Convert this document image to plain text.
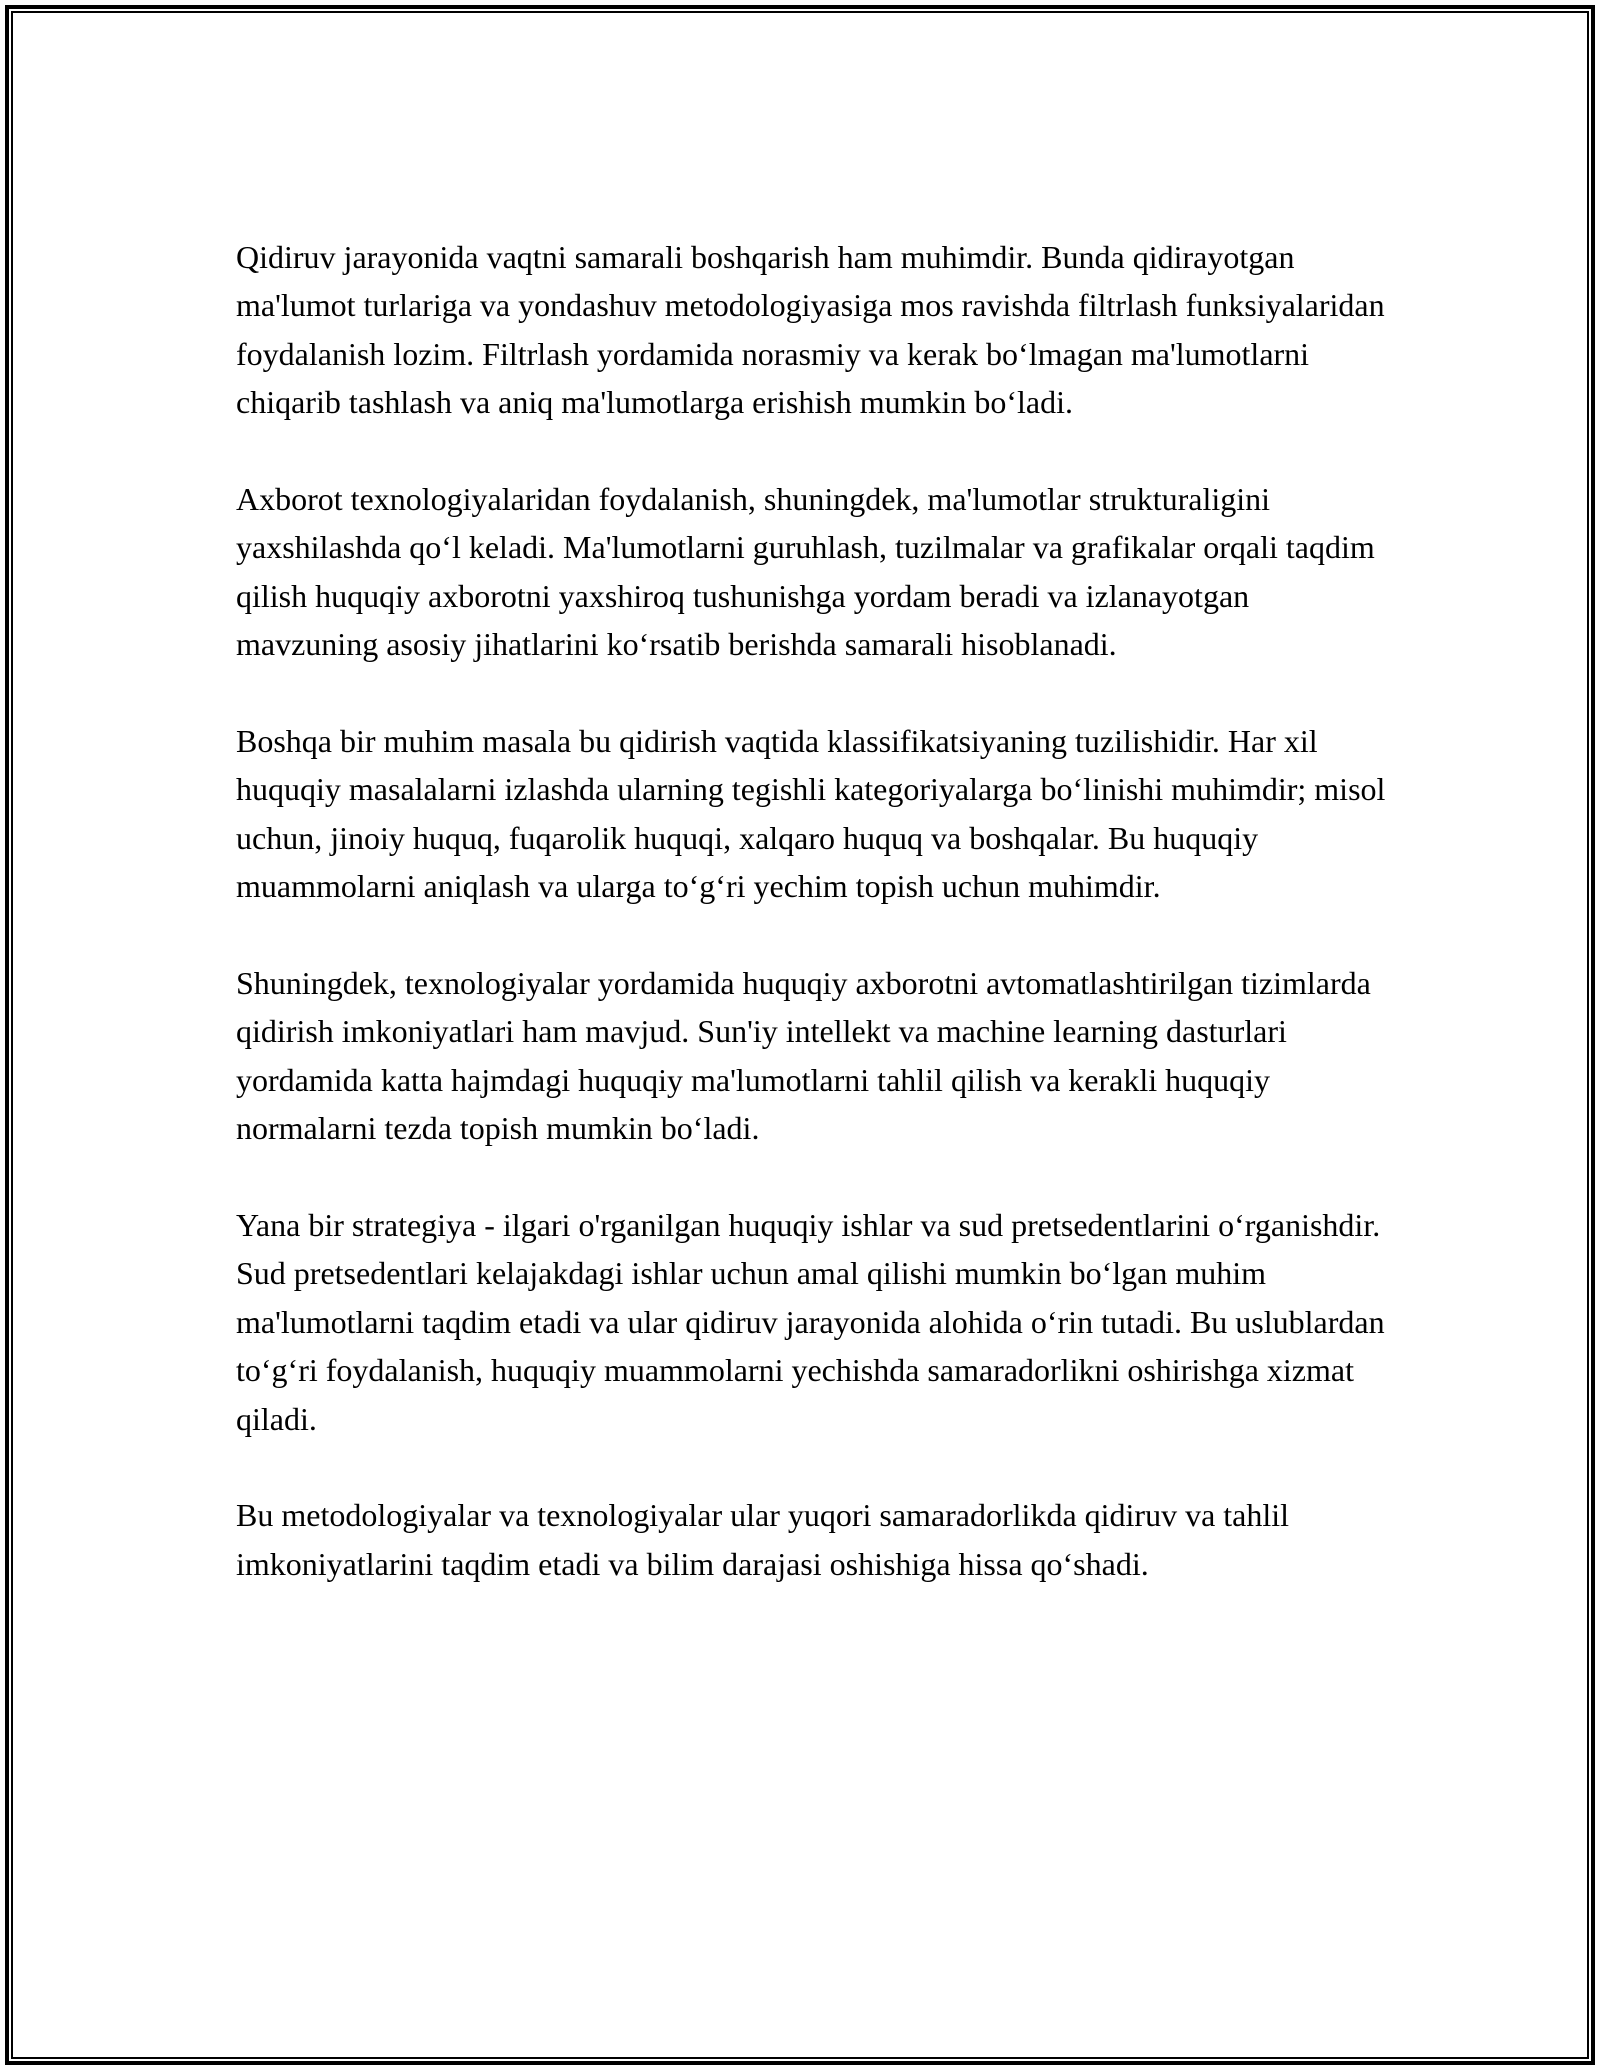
Qidiruv jarayonida vaqtni samarali boshqarish ham muhimdir. Bunda qidirayotgan ma'lumot turlariga va yondashuv metodologiyasiga mos ravishda filtrlash funksiyalaridan foydalanish lozim. Filtrlash yordamida norasmiy va kerak bo‘lmagan ma'lumotlarni chiqarib tashlash va aniq ma'lumotlarga erishish mumkin bo‘ladi.

Axborot texnologiyalaridan foydalanish, shuningdek, ma'lumotlar strukturaligini yaxshilashda qo‘l keladi. Ma'lumotlarni guruhlash, tuzilmalar va grafikalar orqali taqdim qilish huquqiy axborotni yaxshiroq tushunishga yordam beradi va izlanayotgan mavzuning asosiy jihatlarini ko‘rsatib berishda samarali hisoblanadi.

Boshqa bir muhim masala bu qidirish vaqtida klassifikatsiyaning tuzilishidir. Har xil huquqiy masalalarni izlashda ularning tegishli kategoriyalarga bo‘linishi muhimdir; misol uchun, jinoiy huquq, fuqarolik huquqi, xalqaro huquq va boshqalar. Bu huquqiy muammolarni aniqlash va ularga to‘g‘ri yechim topish uchun muhimdir.

Shuningdek, texnologiyalar yordamida huquqiy axborotni avtomatlashtirilgan tizimlarda qidirish imkoniyatlari ham mavjud. Sun'iy intellekt va machine learning dasturlari yordamida katta hajmdagi huquqiy ma'lumotlarni tahlil qilish va kerakli huquqiy normalarni tezda topish mumkin bo‘ladi.

Yana bir strategiya - ilgari o'rganilgan huquqiy ishlar va sud pretsedentlarini o‘rganishdir. Sud pretsedentlari kelajakdagi ishlar uchun amal qilishi mumkin bo‘lgan muhim ma'lumotlarni taqdim etadi va ular qidiruv jarayonida alohida o‘rin tutadi. Bu uslublardan to‘g‘ri foydalanish, huquqiy muammolarni yechishda samaradorlikni oshirishga xizmat qiladi.

Bu metodologiyalar va texnologiyalar ular yuqori samaradorlikda qidiruv va tahlil imkoniyatlarini taqdim etadi va bilim darajasi oshishiga hissa qo‘shadi.
